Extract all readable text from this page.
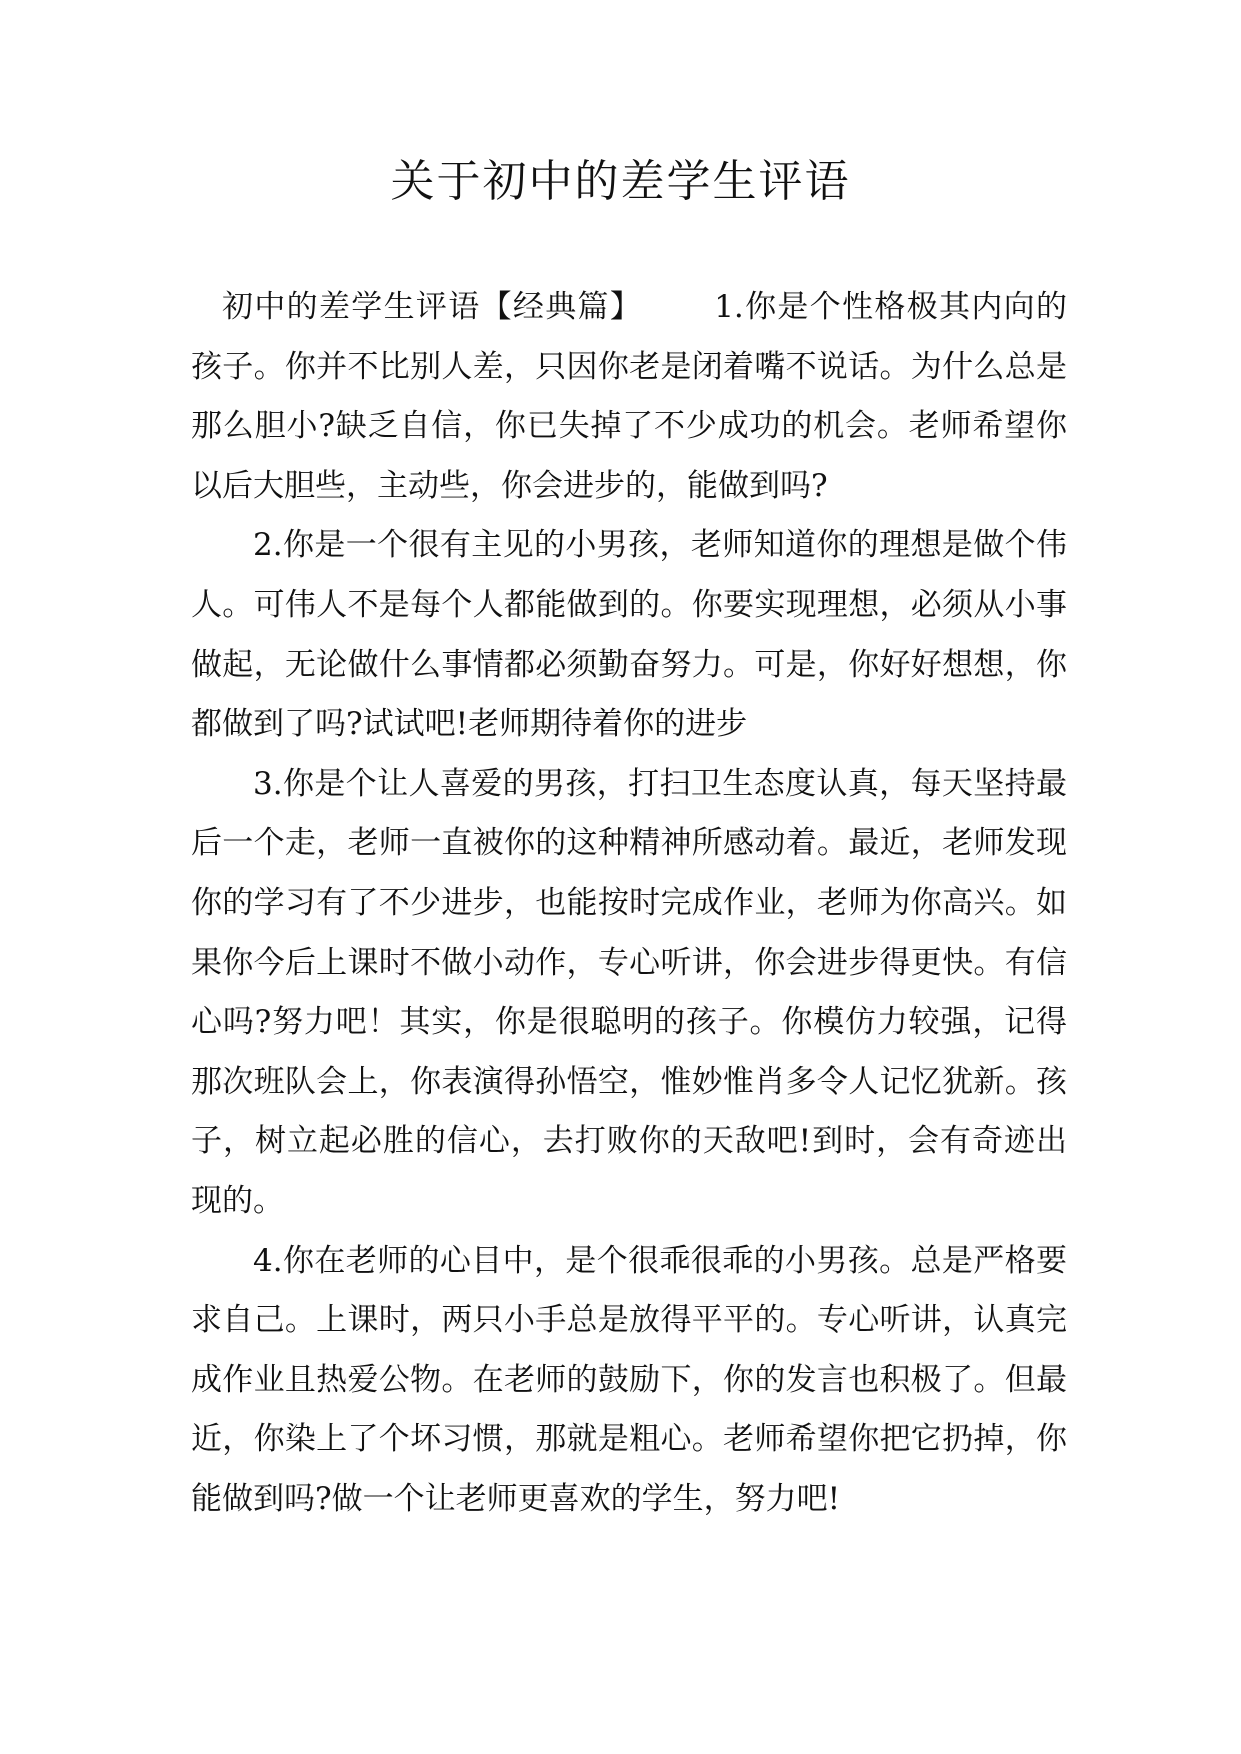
关于初中的差学生评语

初中的差学生评语【经典篇】 1.你是个性格极其内向的孩子。你并不比别人差，只因你老是闭着嘴不说话。为什么总是那么胆小?缺乏自信，你已失掉了不少成功的机会。老师希望你以后大胆些，主动些，你会进步的，能做到吗?

2.你是一个很有主见的小男孩，老师知道你的理想是做个伟人。可伟人不是每个人都能做到的。你要实现理想，必须从小事做起，无论做什么事情都必须勤奋努力。可是，你好好想想，你都做到了吗?试试吧!老师期待着你的进步

3.你是个让人喜爱的男孩，打扫卫生态度认真，每天坚持最后一个走，老师一直被你的这种精神所感动着。最近，老师发现你的学习有了不少进步，也能按时完成作业，老师为你高兴。如果你今后上课时不做小动作，专心听讲，你会进步得更快。有信心吗?努力吧！其实，你是很聪明的孩子。你模仿力较强，记得那次班队会上，你表演得孙悟空，惟妙惟肖多令人记忆犹新。孩子，树立起必胜的信心，去打败你的天敌吧!到时，会有奇迹出现的。

4.你在老师的心目中，是个很乖很乖的小男孩。总是严格要求自己。上课时，两只小手总是放得平平的。专心听讲，认真完成作业且热爱公物。在老师的鼓励下，你的发言也积极了。但最近，你染上了个坏习惯，那就是粗心。老师希望你把它扔掉，你能做到吗?做一个让老师更喜欢的学生，努力吧!
